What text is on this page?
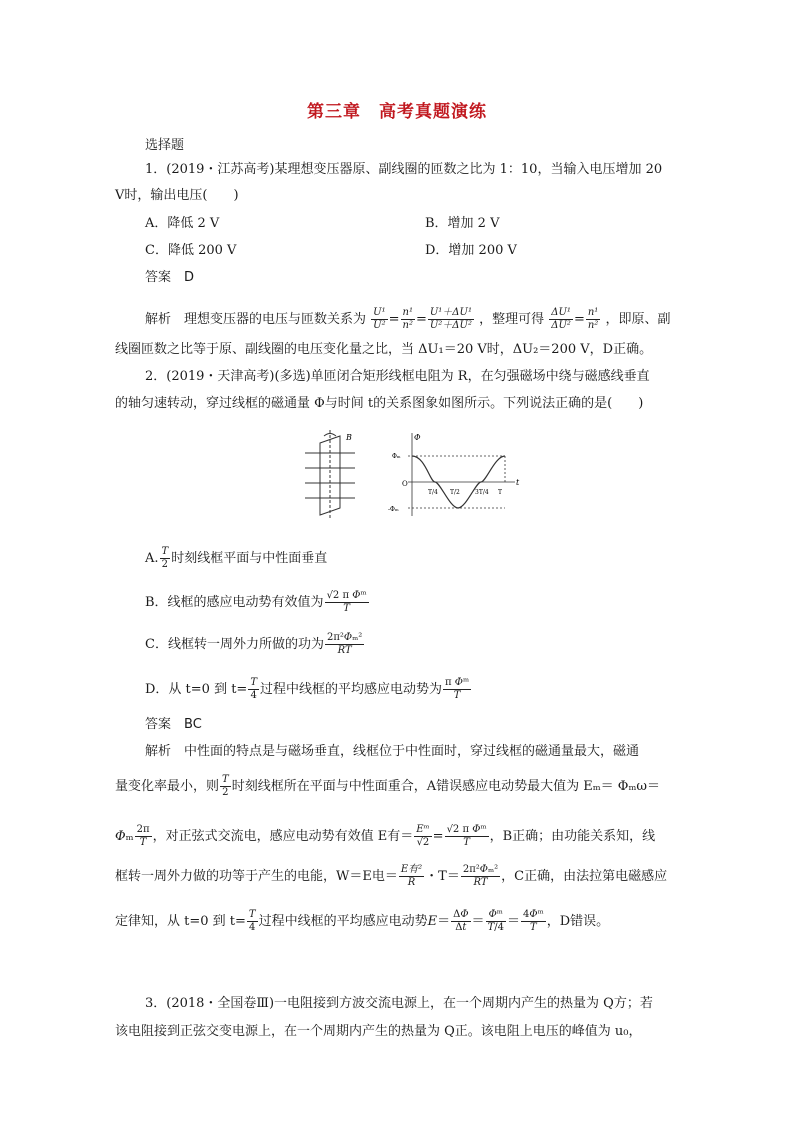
第三章　高考真题演练
选择题
1．(2019・江苏高考)某理想变压器原、副线圈的匝数之比为 1：10，当输入电压增加 20
V时，输出电压(　　)
A．降低 2 V	B．增加 2 V
C．降低 200 V	D．增加 200 V
答案　D
解析　理想变压器的电压与匝数关系为 $\frac{\text{U¹}}{\text{U²}} = \frac{\text{n¹}}{\text{n²}} = \frac{\text{U¹＋ΔU¹}}{\text{U²＋ΔU²}}$ ，整理可得 $\frac{\text{ΔU¹}}{\text{ΔU²}} = \frac{\text{n¹}}{\text{n²}}$ ，即原、副
线圈匝数之比等于原、副线圈的电压变化量之比，当 ΔU₁＝20 V时，ΔU₂＝200 V，D正确。
2．(2019・天津高考)(多选)单匝闭合矩形线框电阻为 R，在匀强磁场中绕与磁感线垂直
的轴匀速转动，穿过线框的磁通量 Φ与时间 t的关系图象如图所示。下列说法正确的是(　　)
B	Φ
t
O
Φₘ
-Φₘ
T/4 T/2	3T/4 T
A. $\frac{T}{2}$ 时刻线框平面与中性面垂直
B．线框的感应电动势有效值为 $\frac{\text{√2 π Φᵐ}}{T}$
C．线框转一周外力所做的功为 $\frac{\text{2π²Φₘ²}}{RT}$
D．从 t=0 到 $t= \frac{T}{4}$ 过程中线框的平均感应电动势为 $\frac{\text{π Φᵐ}}{T}$
答案　BC
解析　中性面的特点是与磁场垂直，线框位于中性面时，穿过线框的磁通量最大，磁通
量变化率最小，则 $\frac{T}{2}$ 时刻线框所在平面与中性面重合，A错误感应电动势最大值为 Eₘ＝ Φₘω＝
Φₘ $\frac{2\pi}{T}$ ，对正弦式交流电，感应电动势有效值 E有＝ $\frac{\text{Eᵐ}}{√2} = \frac{\text{√2 π Φᵐ}}{T}$ ，B正确；由功能关系知，线
框转一周外力做的功等于产生的电能，W＝E电＝ $\frac{\text{E有²}}{R}$ ・$T= \frac{\text{2π²Φₘ²}}{RT}$ ，C正确，由法拉第电磁感应
定律知，从 t=0 到 $t= \frac{T}{4}$ 过程中线框的平均感应电动势$E= \frac{\Delta\Phi}{\Delta t} = \frac{\text{Φᵐ}}{T/4} = \frac{\text{4Φᵐ}}{T}$ ，D错误。
3．(2018・全国卷Ⅲ)一电阻接到方波交流电源上，在一个周期内产生的热量为 Q方；若
该电阻接到正弦交变电源上，在一个周期内产生的热量为 Q正。该电阻上电压的峰值为 u₀，
